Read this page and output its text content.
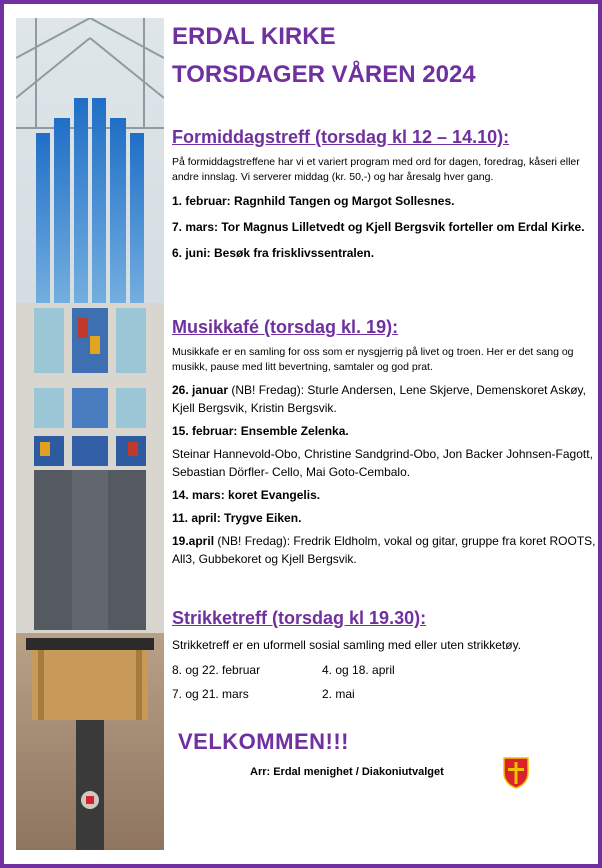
ERDAL KIRKE
TORSDAGER VÅREN 2024
Formiddagstreff (torsdag kl 12 – 14.10):

På formiddagstreffene har vi et variert program med ord for dagen, foredrag, kåseri eller andre innslag. Vi serverer middag (kr. 50,-) og har åresalg hver gang.

1. februar: Ragnhild Tangen og Margot Sollesnes.

7. mars: Tor Magnus Lilletvedt og Kjell Bergsvik forteller om Erdal Kirke.

6. juni: Besøk fra frisklivssentralen.

Musikkafé (torsdag kl. 19):

Musikkafe er en samling for oss som er nysgjerrig på livet og troen. Her er det sang og musikk, pause med litt bevertning, samtaler og god prat.

26. januar (NB! Fredag): Sturle Andersen, Lene Skjerve, Demenskoret Askøy, Kjell Bergsvik, Kristin Bergsvik.

15. februar: Ensemble Zelenka.

Steinar Hannevold-Obo, Christine Sandgrind-Obo, Jon Backer Johnsen-Fagott, Sebastian Dörfler- Cello, Mai Goto-Cembalo.

14. mars: koret Evangelis.

11. april: Trygve Eiken.

19.april (NB! Fredag): Fredrik Eldholm, vokal og gitar, gruppe fra koret ROOTS, All3, Gubbekoret og Kjell Bergsvik.

Strikketreff (torsdag kl 19.30):

Strikketreff er en uformell sosial samling med eller uten strikketøy.

8. og 22. februar	4. og 18. april
7. og 21. mars	2. mai
VELKOMMEN!!!
Arr: Erdal menighet / Diakoniutvalget
